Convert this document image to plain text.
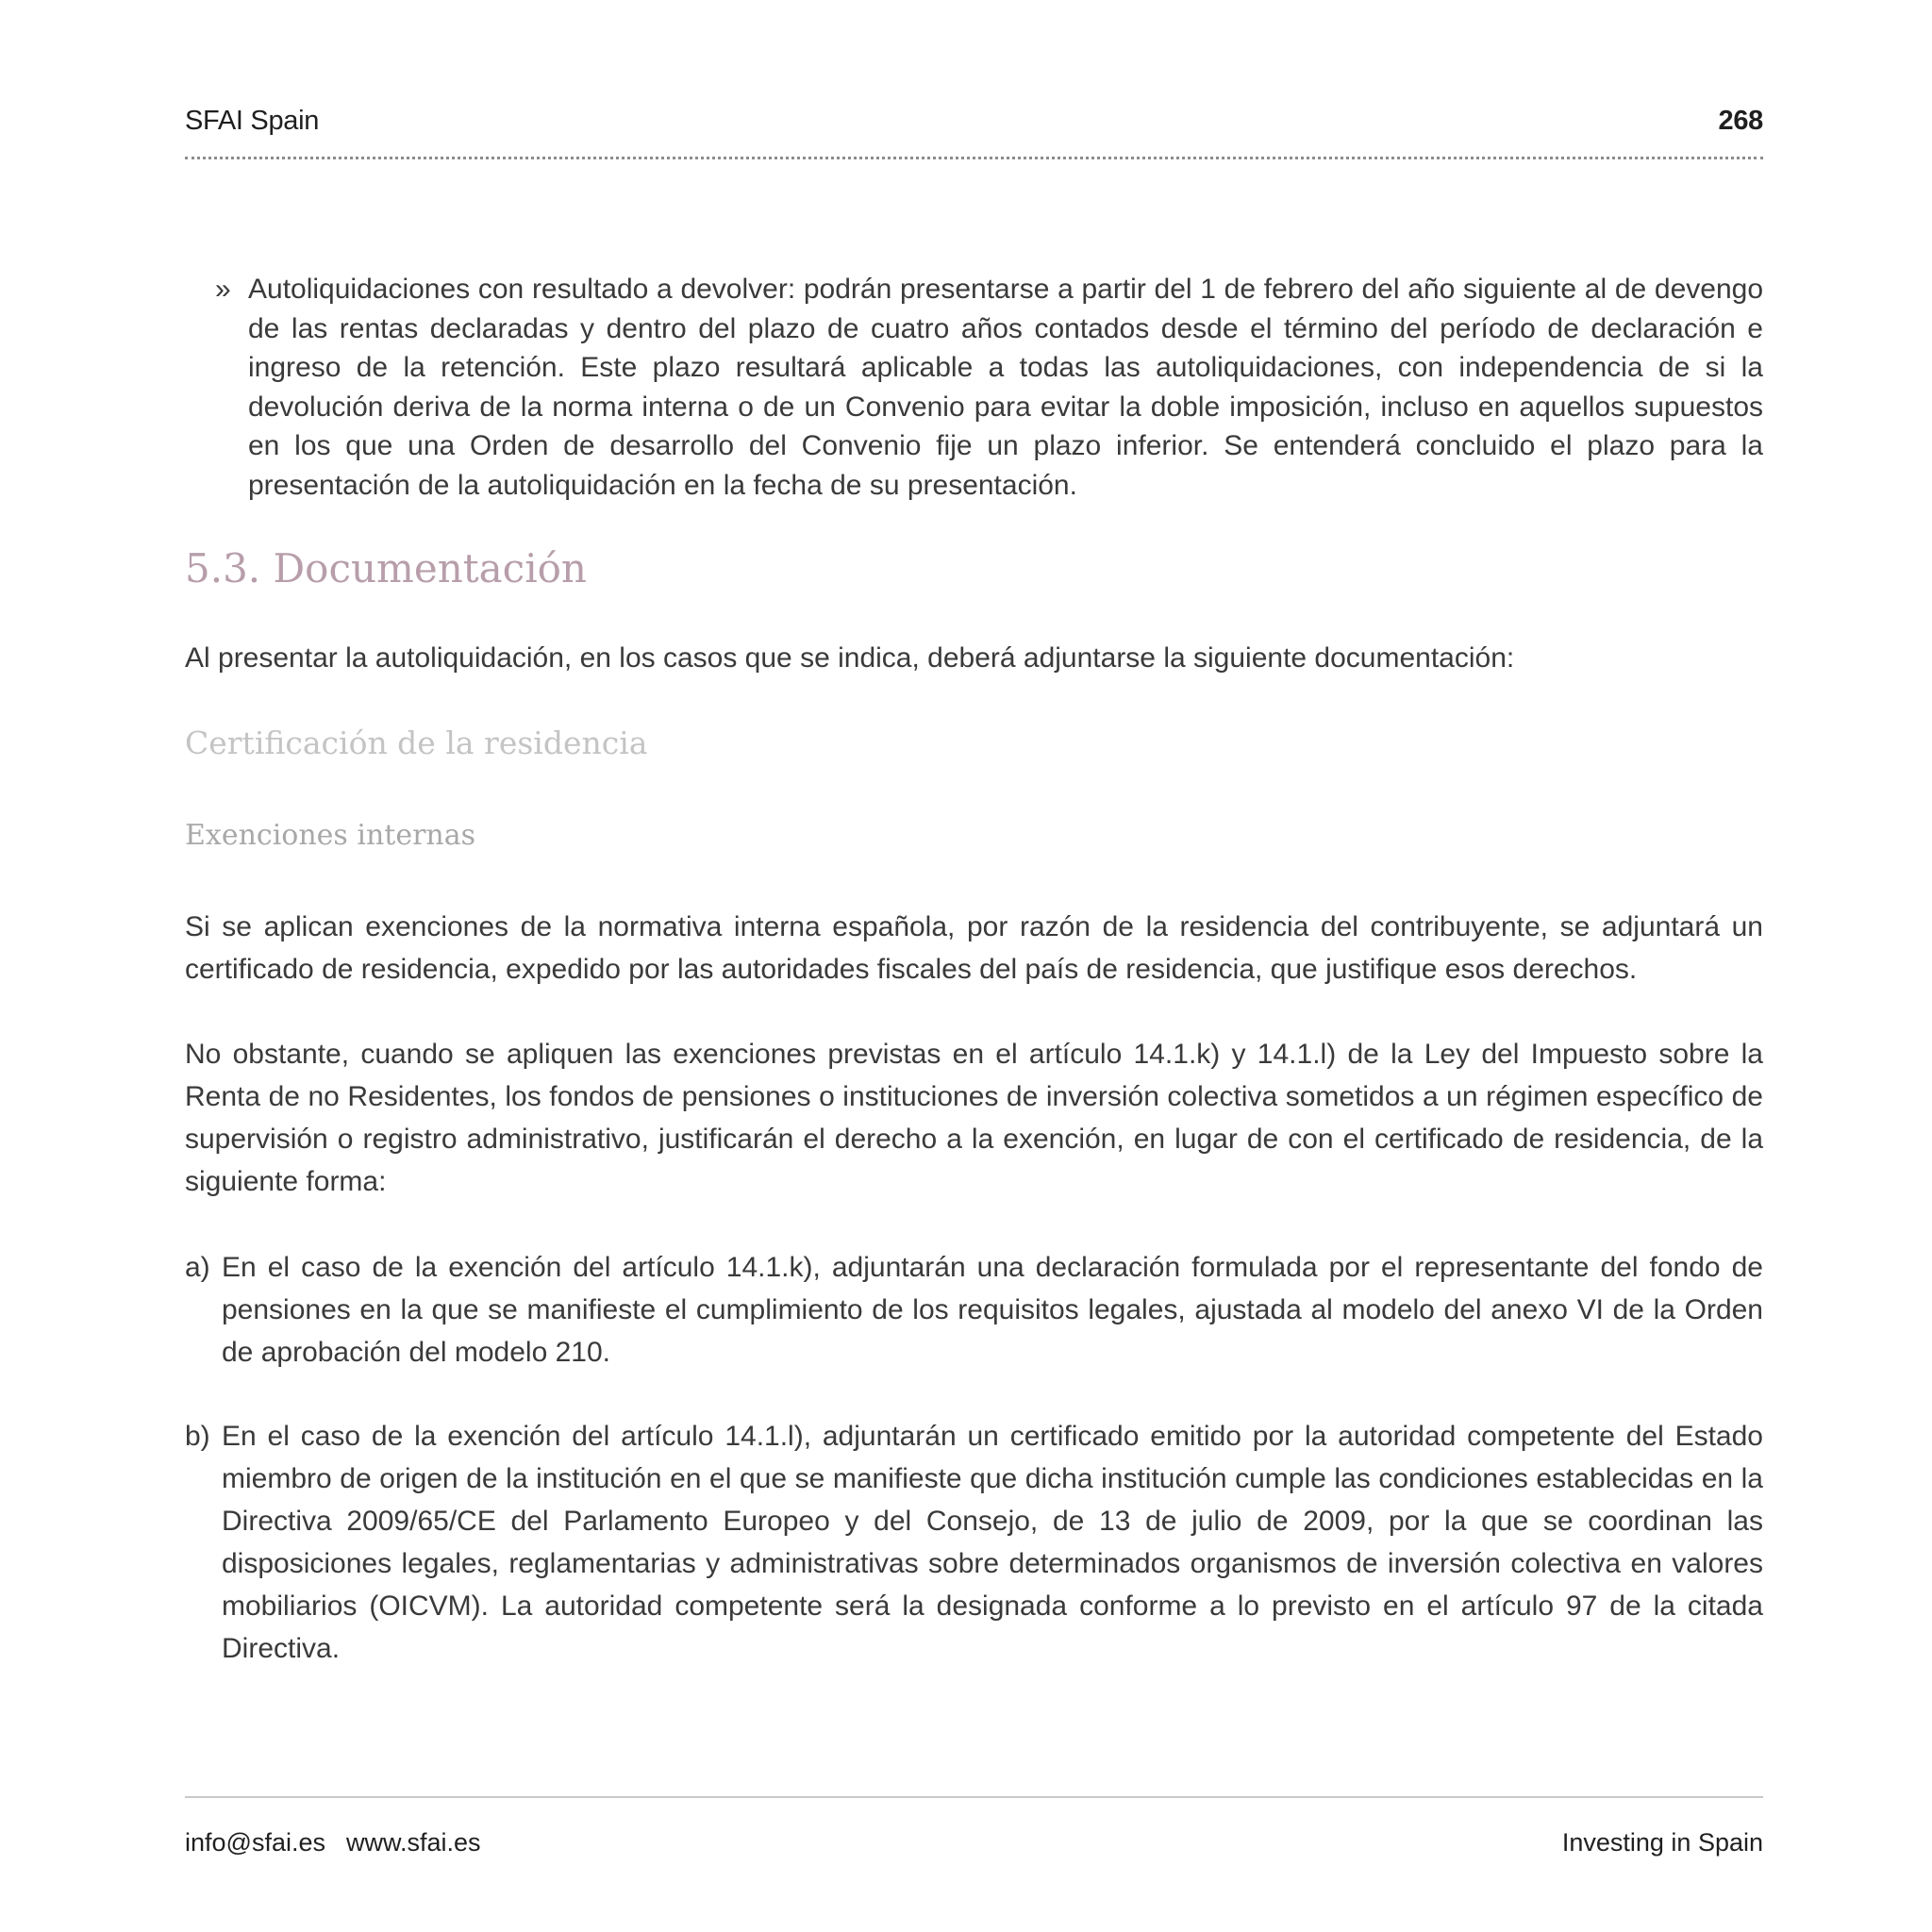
SFAI Spain	268
» Autoliquidaciones con resultado a devolver: podrán presentarse a partir del 1 de febrero del año siguiente al de devengo de las rentas declaradas y dentro del plazo de cuatro años contados desde el término del período de declaración e ingreso de la retención. Este plazo resultará aplicable a todas las autoliquidaciones, con independencia de si la devolución deriva de la norma interna o de un Convenio para evitar la doble imposición, incluso en aquellos supuestos en los que una Orden de desarrollo del Convenio fije un plazo inferior. Se entenderá concluido el plazo para la presentación de la autoliquidación en la fecha de su presentación.
5.3. Documentación
Al presentar la autoliquidación, en los casos que se indica, deberá adjuntarse la siguiente documentación:
Certificación de la residencia
Exenciones internas
Si se aplican exenciones de la normativa interna española, por razón de la residencia del contribuyente, se adjuntará un certificado de residencia, expedido por las autoridades fiscales del país de residencia, que justifique esos derechos.
No obstante, cuando se apliquen las exenciones previstas en el artículo 14.1.k) y 14.1.l) de la Ley del Impuesto sobre la Renta de no Residentes, los fondos de pensiones o instituciones de inversión colectiva sometidos a un régimen específico de supervisión o registro administrativo, justificarán el derecho a la exención, en lugar de con el certificado de residencia, de la siguiente forma:
a) En el caso de la exención del artículo 14.1.k), adjuntarán una declaración formulada por el representante del fondo de pensiones en la que se manifieste el cumplimiento de los requisitos legales, ajustada al modelo del anexo VI de la Orden de aprobación del modelo 210.
b) En el caso de la exención del artículo 14.1.l), adjuntarán un certificado emitido por la autoridad competente del Estado miembro de origen de la institución en el que se manifieste que dicha institución cumple las condiciones establecidas en la Directiva 2009/65/CE del Parlamento Europeo y del Consejo, de 13 de julio de 2009, por la que se coordinan las disposiciones legales, reglamentarias y administrativas sobre determinados organismos de inversión colectiva en valores mobiliarios (OICVM). La autoridad competente será la designada conforme a lo previsto en el artículo 97 de la citada Directiva.
info@sfai.es www.sfai.es	Investing in Spain
